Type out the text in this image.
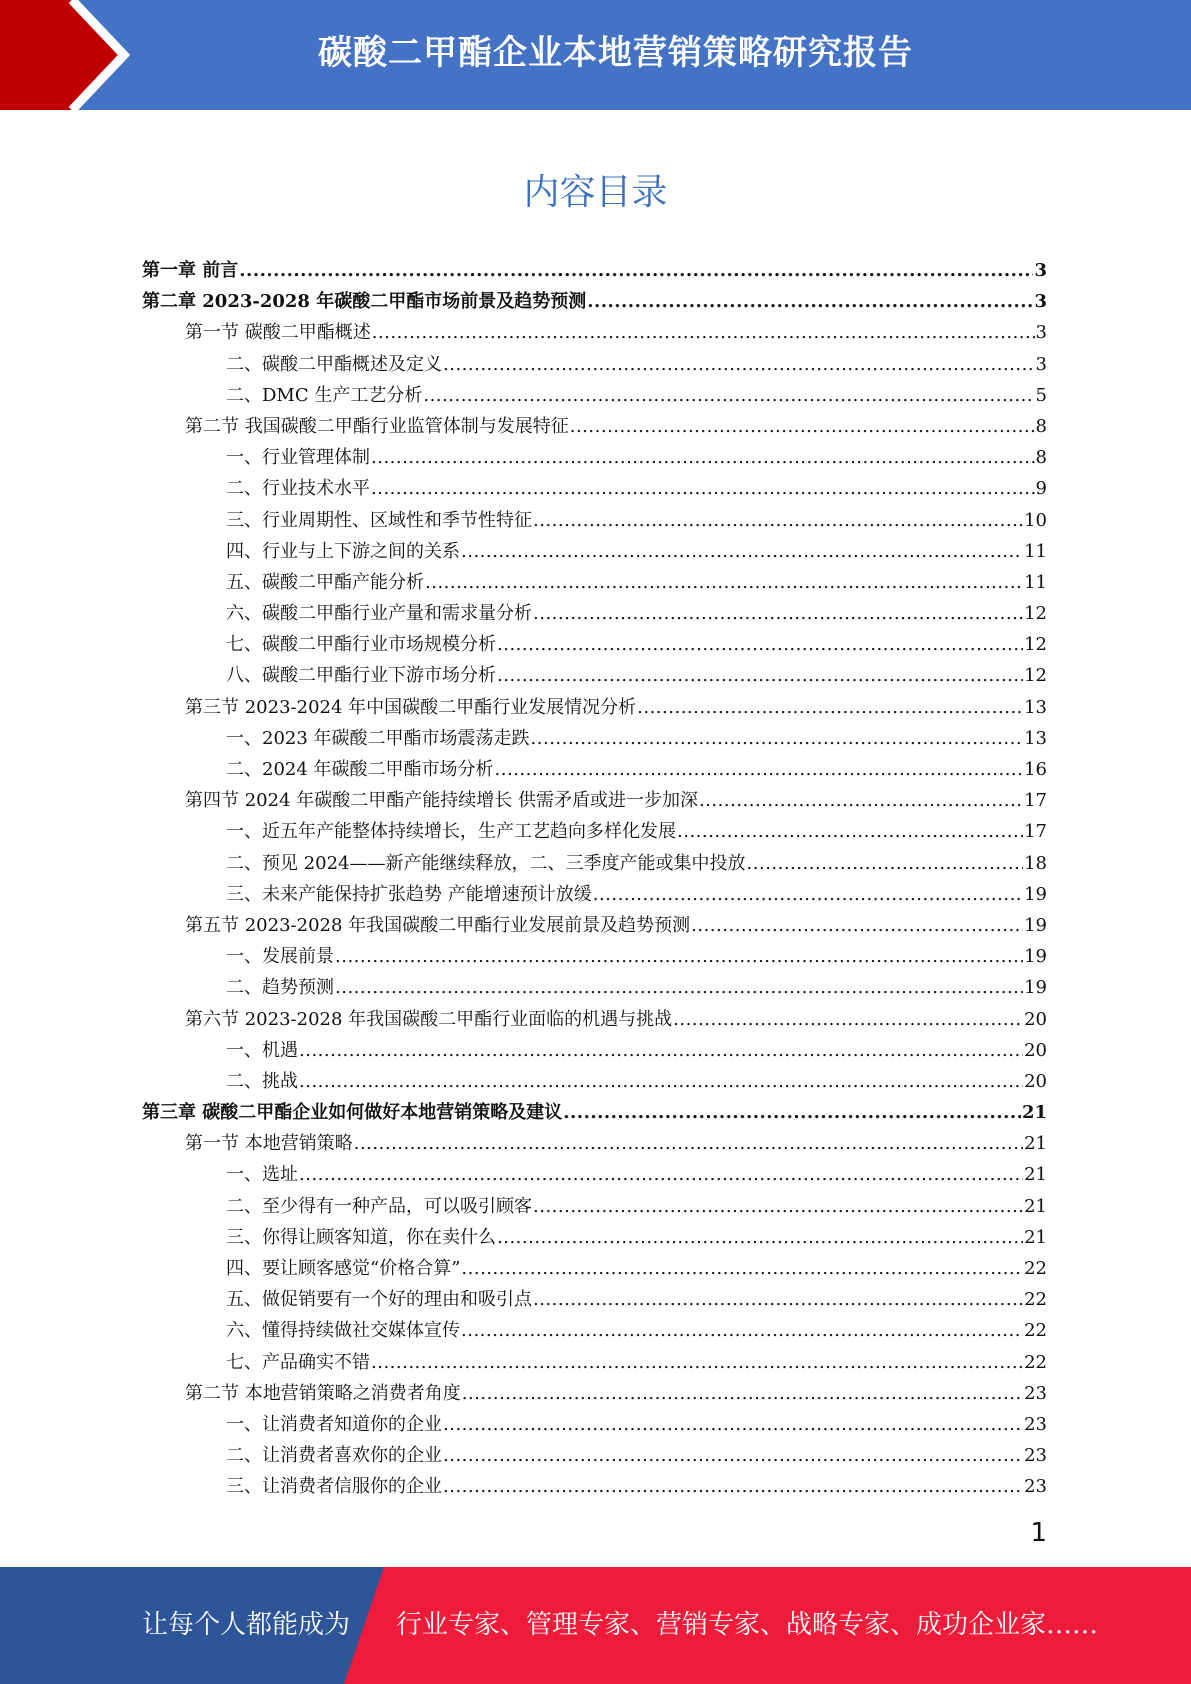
碳酸二甲酯企业本地营销策略研究报告
内容目录
第一章 前言 .....	3
第二章 2023-2028 年碳酸二甲酯市场前景及趋势预测 .....	3
第一节 碳酸二甲酯概述 .....	3
二、碳酸二甲酯概述及定义 .....	3
二、DMC 生产工艺分析 .....	5
第二节 我国碳酸二甲酯行业监管体制与发展特征 .....	8
一、行业管理体制 .....	8
二、行业技术水平 .....	9
三、行业周期性、区域性和季节性特征 .....	10
四、行业与上下游之间的关系 .....	11
五、碳酸二甲酯产能分析 .....	11
六、碳酸二甲酯行业产量和需求量分析 .....	12
七、碳酸二甲酯行业市场规模分析 .....	12
八、碳酸二甲酯行业下游市场分析 .....	12
第三节 2023-2024 年中国碳酸二甲酯行业发展情况分析 .....	13
一、2023 年碳酸二甲酯市场震荡走跌 .....	13
二、2024 年碳酸二甲酯市场分析 .....	16
第四节 2024 年碳酸二甲酯产能持续增长 供需矛盾或进一步加深 .....	17
一、近五年产能整体持续增长，生产工艺趋向多样化发展 .....	17
二、预见 2024——新产能继续释放，二、三季度产能或集中投放 .....	18
三、未来产能保持扩张趋势 产能增速预计放缓 .....	19
第五节 2023-2028 年我国碳酸二甲酯行业发展前景及趋势预测 .....	19
一、发展前景 .....	19
二、趋势预测 .....	19
第六节 2023-2028 年我国碳酸二甲酯行业面临的机遇与挑战 .....	20
一、机遇 .....	20
二、挑战 .....	20
第三章 碳酸二甲酯企业如何做好本地营销策略及建议 .....	21
第一节 本地营销策略 .....	21
一、选址 .....	21
二、至少得有一种产品，可以吸引顾客 .....	21
三、你得让顾客知道，你在卖什么 .....	21
四、要让顾客感觉“价格合算” .....	22
五、做促销要有一个好的理由和吸引点 .....	22
六、懂得持续做社交媒体宣传 .....	22
七、产品确实不错 .....	22
第二节 本地营销策略之消费者角度 .....	23
一、让消费者知道你的企业 .....	23
二、让消费者喜欢你的企业 .....	23
三、让消费者信服你的企业 .....	23
1
让每个人都能成为 行业专家、管理专家、营销专家、战略专家、成功企业家……
